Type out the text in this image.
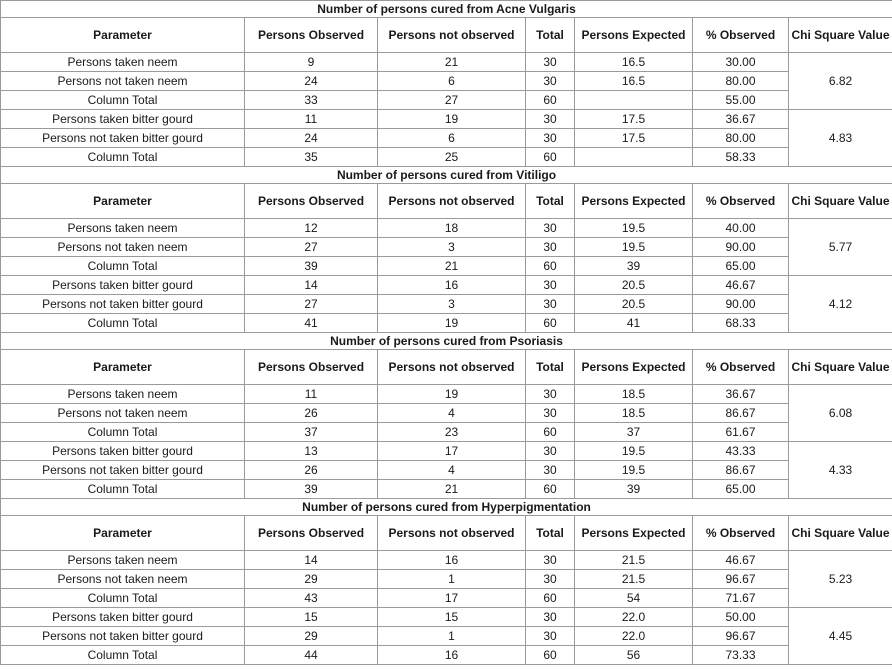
Number of persons cured from Acne Vulgaris						
Parameter	Persons Observed	Persons not observed	Total	Persons Expected	% Observed	Chi Square Value
Persons taken neem	9	21	30	16.5	30.00	6.82
Persons not taken neem	24	6	30	16.5	80.00	
Column Total	33	27	60		55.00	
Persons taken bitter gourd	11	19	30	17.5	36.67	4.83
Persons not taken bitter gourd	24	6	30	17.5	80.00	
Column Total	35	25	60		58.33	
Number of persons cured from Vitiligo						
Parameter	Persons Observed	Persons not observed	Total	Persons Expected	% Observed	Chi Square Value
Persons taken neem	12	18	30	19.5	40.00	5.77
Persons not taken neem	27	3	30	19.5	90.00	
Column Total	39	21	60	39	65.00	
Persons taken bitter gourd	14	16	30	20.5	46.67	4.12
Persons not taken bitter gourd	27	3	30	20.5	90.00	
Column Total	41	19	60	41	68.33	
Number of persons cured from Psoriasis						
Parameter	Persons Observed	Persons not observed	Total	Persons Expected	% Observed	Chi Square Value
Persons taken neem	11	19	30	18.5	36.67	6.08
Persons not taken neem	26	4	30	18.5	86.67	
Column Total	37	23	60	37	61.67	
Persons taken bitter gourd	13	17	30	19.5	43.33	4.33
Persons not taken bitter gourd	26	4	30	19.5	86.67	
Column Total	39	21	60	39	65.00	
Number of persons cured from Hyperpigmentation						
Parameter	Persons Observed	Persons not observed	Total	Persons Expected	% Observed	Chi Square Value
Persons taken neem	14	16	30	21.5	46.67	5.23
Persons not taken neem	29	1	30	21.5	96.67	
Column Total	43	17	60	54	71.67	
Persons taken bitter gourd	15	15	30	22.0	50.00	4.45
Persons not taken bitter gourd	29	1	30	22.0	96.67	
Column Total	44	16	60	56	73.33	
